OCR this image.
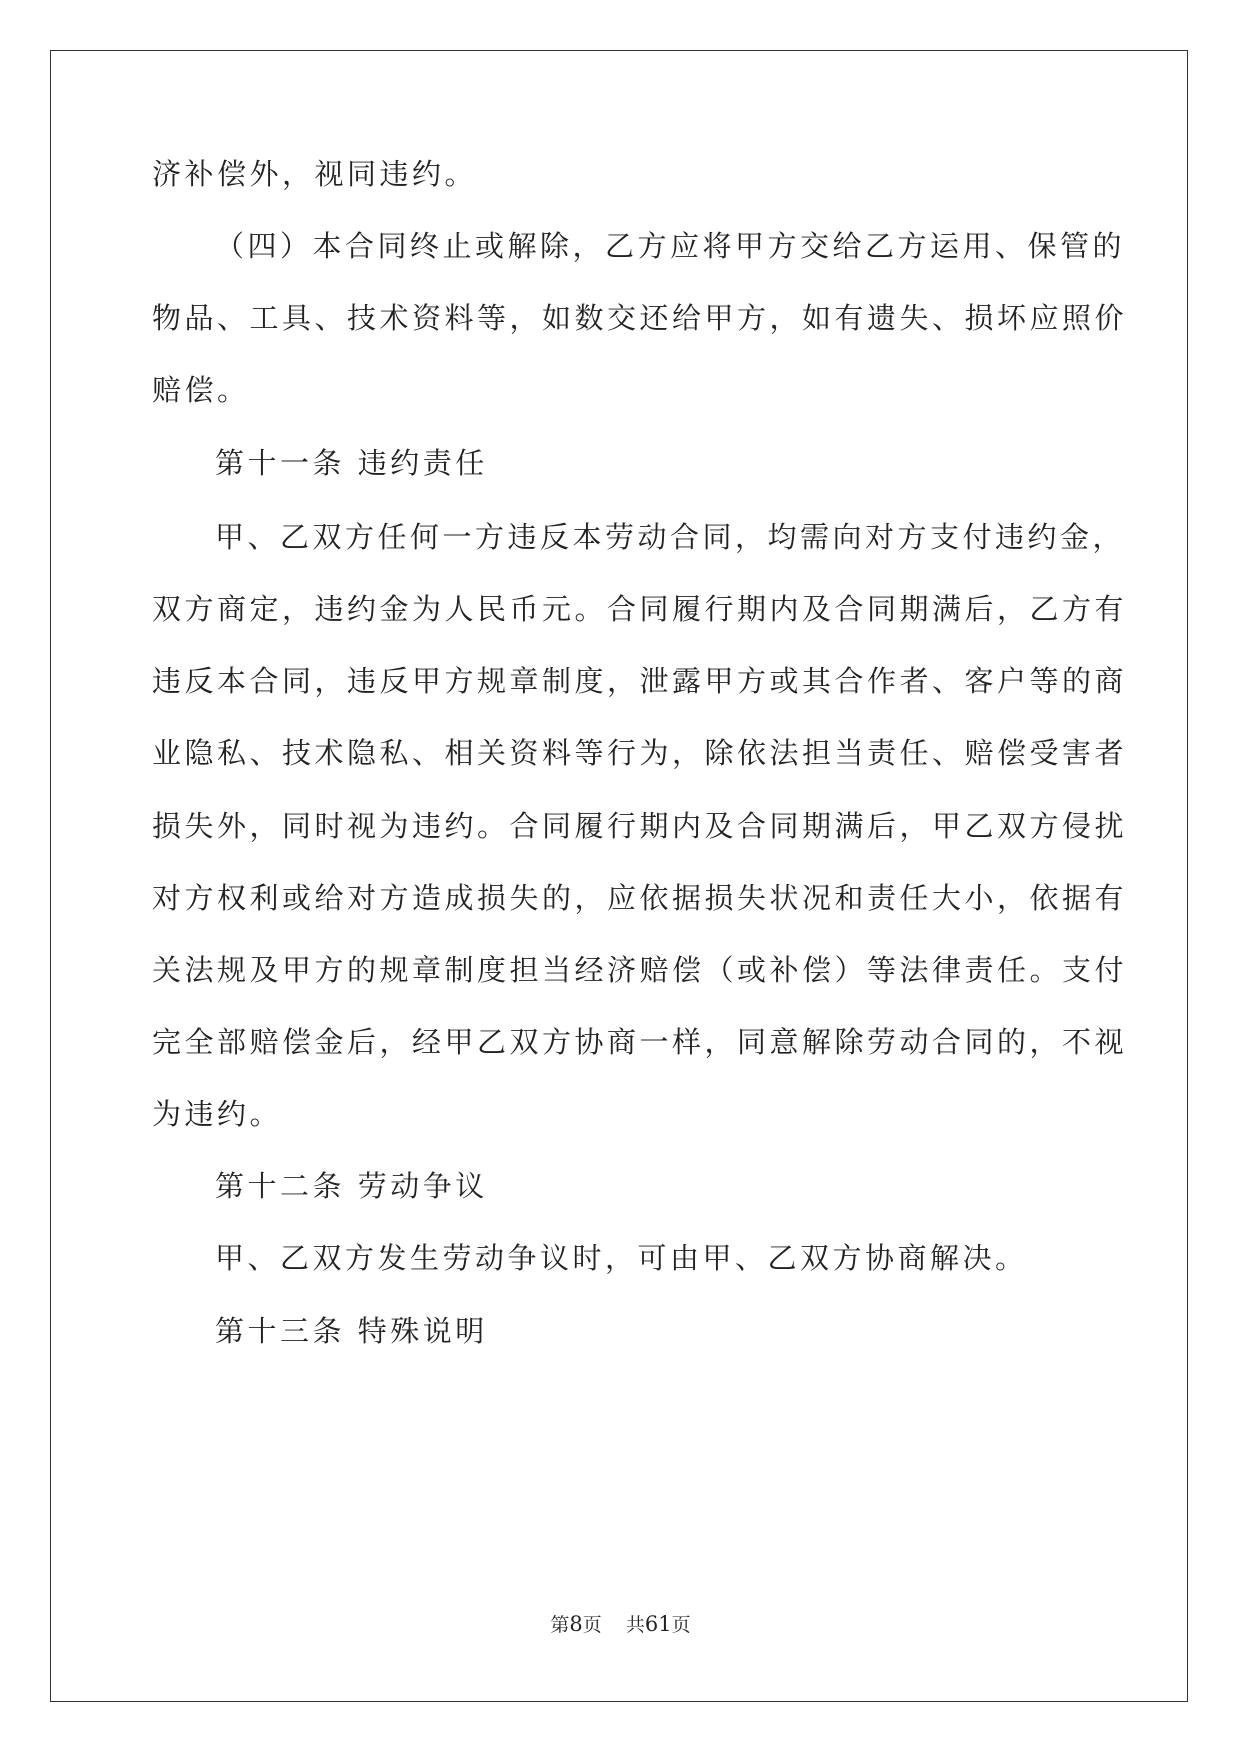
济补偿外，视同违约。
（四）本合同终止或解除，乙方应将甲方交给乙方运用、保管的
物品、工具、技术资料等，如数交还给甲方，如有遗失、损坏应照价
赔偿。
第十一条 违约责任
甲、乙双方任何一方违反本劳动合同，均需向对方支付违约金，
双方商定，违约金为人民币元。合同履行期内及合同期满后，乙方有
违反本合同，违反甲方规章制度，泄露甲方或其合作者、客户等的商
业隐私、技术隐私、相关资料等行为，除依法担当责任、赔偿受害者
损失外，同时视为违约。合同履行期内及合同期满后，甲乙双方侵扰
对方权利或给对方造成损失的，应依据损失状况和责任大小，依据有
关法规及甲方的规章制度担当经济赔偿（或补偿）等法律责任。支付
完全部赔偿金后，经甲乙双方协商一样，同意解除劳动合同的，不视
为违约。
第十二条 劳动争议
甲、乙双方发生劳动争议时，可由甲、乙双方协商解决。
第十三条 特殊说明
第8页 共61页
